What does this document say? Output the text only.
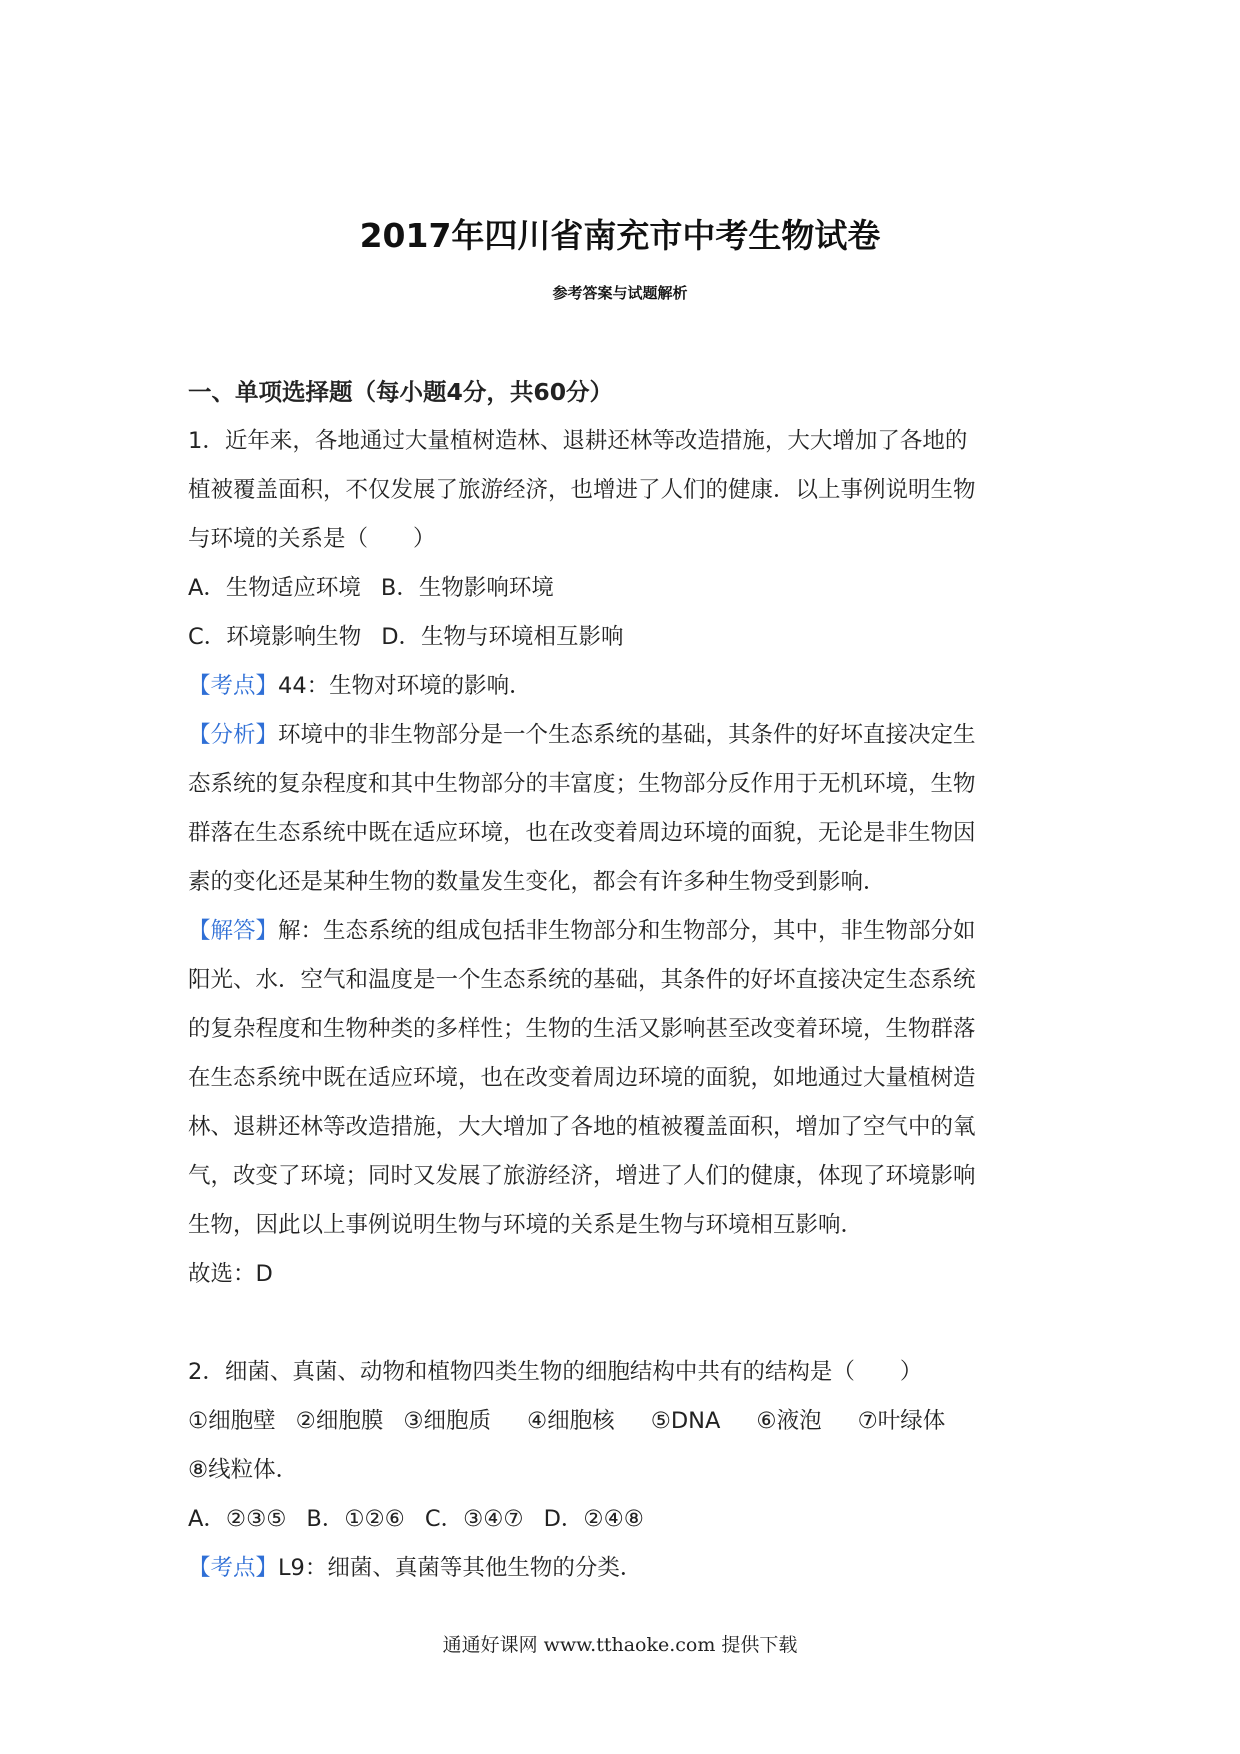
2017年四川省南充市中考生物试卷
参考答案与试题解析
一、单项选择题（每小题4分，共60分）
1．近年来，各地通过大量植树造林、退耕还林等改造措施，大大增加了各地的
植被覆盖面积，不仅发展了旅游经济，也增进了人们的健康．以上事例说明生物
与环境的关系是（　　）
A．生物适应环境 B．生物影响环境
C．环境影响生物 D．生物与环境相互影响
【考点】44：生物对环境的影响．
【分析】环境中的非生物部分是一个生态系统的基础，其条件的好坏直接决定生
态系统的复杂程度和其中生物部分的丰富度；生物部分反作用于无机环境，生物
群落在生态系统中既在适应环境，也在改变着周边环境的面貌，无论是非生物因
素的变化还是某种生物的数量发生变化，都会有许多种生物受到影响．
【解答】解：生态系统的组成包括非生物部分和生物部分，其中，非生物部分如
阳光、水．空气和温度是一个生态系统的基础，其条件的好坏直接决定生态系统
的复杂程度和生物种类的多样性；生物的生活又影响甚至改变着环境，生物群落
在生态系统中既在适应环境，也在改变着周边环境的面貌，如地通过大量植树造
林、退耕还林等改造措施，大大增加了各地的植被覆盖面积，增加了空气中的氧
气，改变了环境；同时又发展了旅游经济，增进了人们的健康，体现了环境影响
生物，因此以上事例说明生物与环境的关系是生物与环境相互影响．
故选：D
2．细菌、真菌、动物和植物四类生物的细胞结构中共有的结构是（　　）
①细胞壁 ②细胞膜 ③细胞质 ④细胞核 ⑤DNA ⑥液泡 ⑦叶绿体
⑧线粒体．
A．②③⑤ B．①②⑥ C．③④⑦ D．②④⑧
【考点】L9：细菌、真菌等其他生物的分类．
通通好课网 www.tthaoke.com 提供下载
